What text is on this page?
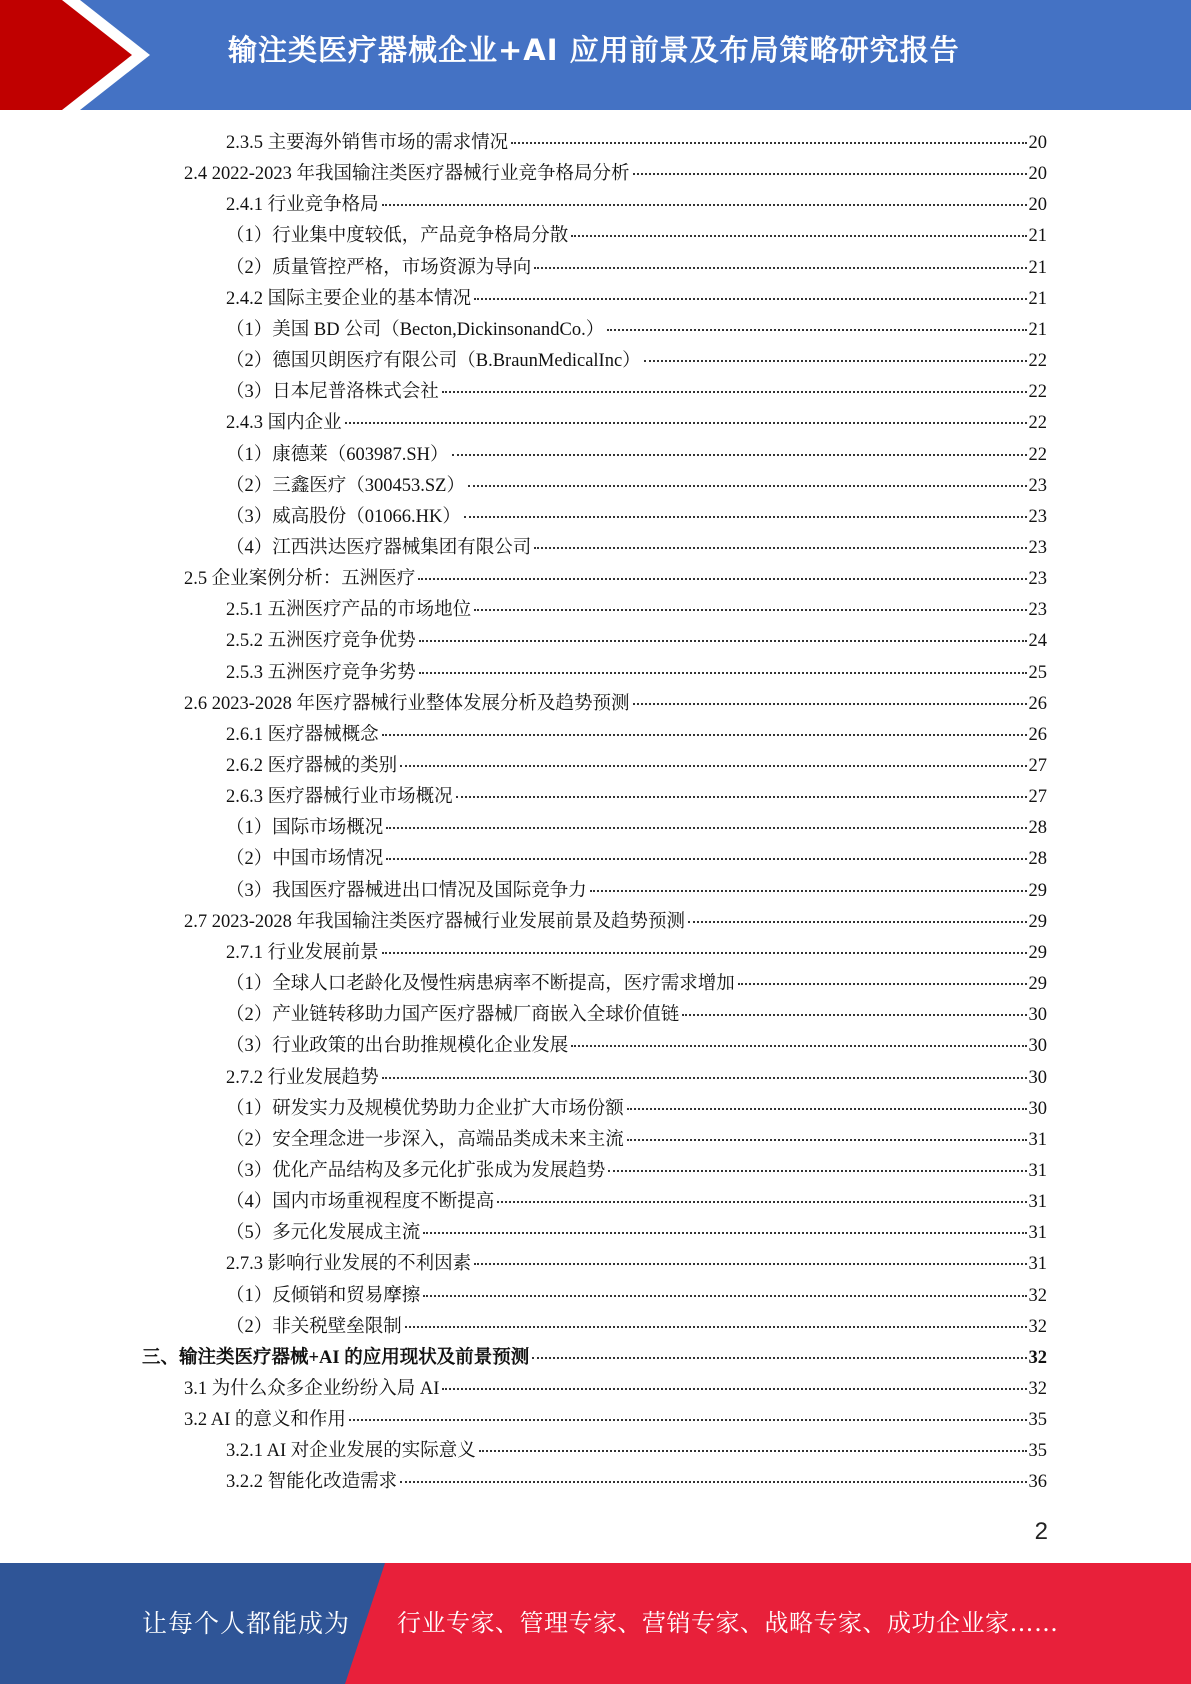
输注类医疗器械企业+AI 应用前景及布局策略研究报告
2.3.5 主要海外销售市场的需求情况	20
2.4 2022-2023 年我国输注类医疗器械行业竞争格局分析	20
2.4.1 行业竞争格局	20
（1）行业集中度较低，产品竞争格局分散	21
（2）质量管控严格，市场资源为导向	21
2.4.2 国际主要企业的基本情况	21
（1）美国 BD 公司（Becton,DickinsonandCo.）	21
（2）德国贝朗医疗有限公司（B.BraunMedicalInc）	22
（3）日本尼普洛株式会社	22
2.4.3 国内企业	22
（1）康德莱（603987.SH）	22
（2）三鑫医疗（300453.SZ）	23
（3）威高股份（01066.HK）	23
（4）江西洪达医疗器械集团有限公司	23
2.5 企业案例分析：五洲医疗	23
2.5.1 五洲医疗产品的市场地位	23
2.5.2 五洲医疗竞争优势	24
2.5.3 五洲医疗竞争劣势	25
2.6 2023-2028 年医疗器械行业整体发展分析及趋势预测	26
2.6.1 医疗器械概念	26
2.6.2 医疗器械的类别	27
2.6.3 医疗器械行业市场概况	27
（1）国际市场概况	28
（2）中国市场情况	28
（3）我国医疗器械进出口情况及国际竞争力	29
2.7 2023-2028 年我国输注类医疗器械行业发展前景及趋势预测	29
2.7.1 行业发展前景	29
（1）全球人口老龄化及慢性病患病率不断提高，医疗需求增加	29
（2）产业链转移助力国产医疗器械厂商嵌入全球价值链	30
（3）行业政策的出台助推规模化企业发展	30
2.7.2 行业发展趋势	30
（1）研发实力及规模优势助力企业扩大市场份额	30
（2）安全理念进一步深入，高端品类成未来主流	31
（3）优化产品结构及多元化扩张成为发展趋势	31
（4）国内市场重视程度不断提高	31
（5）多元化发展成主流	31
2.7.3 影响行业发展的不利因素	31
（1）反倾销和贸易摩擦	32
（2）非关税壁垒限制	32
三、输注类医疗器械+AI 的应用现状及前景预测	32
3.1 为什么众多企业纷纷入局 AI	32
3.2 AI 的意义和作用	35
3.2.1 AI 对企业发展的实际意义	35
3.2.2 智能化改造需求	36
2
让每个人都能成为 行业专家、管理专家、营销专家、战略专家、成功企业家……
